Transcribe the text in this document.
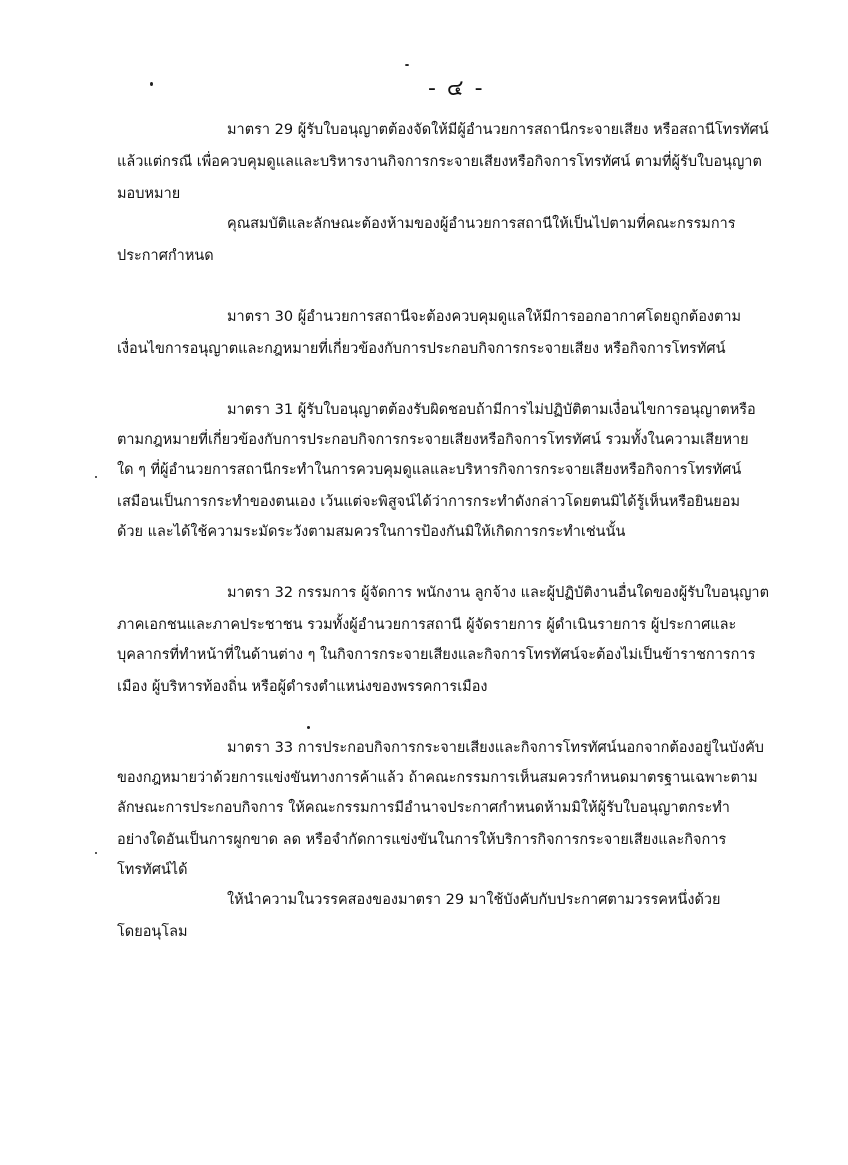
- ๔ -
มาตรา 29 ผู้รับใบอนุญาตต้องจัดให้มีผู้อำนวยการสถานีกระจายเสียง หรือสถานีโทรทัศน์
แล้วแต่กรณี เพื่อควบคุมดูแลและบริหารงานกิจการกระจายเสียงหรือกิจการโทรทัศน์ ตามที่ผู้รับใบอนุญาต
มอบหมาย
คุณสมบัติและลักษณะต้องห้ามของผู้อำนวยการสถานีให้เป็นไปตามที่คณะกรรมการ
ประกาศกำหนด
มาตรา 30 ผู้อำนวยการสถานีจะต้องควบคุมดูแลให้มีการออกอากาศโดยถูกต้องตาม
เงื่อนไขการอนุญาตและกฎหมายที่เกี่ยวข้องกับการประกอบกิจการกระจายเสียง หรือกิจการโทรทัศน์
มาตรา 31 ผู้รับใบอนุญาตต้องรับผิดชอบถ้ามีการไม่ปฏิบัติตามเงื่อนไขการอนุญาตหรือ
ตามกฎหมายที่เกี่ยวข้องกับการประกอบกิจการกระจายเสียงหรือกิจการโทรทัศน์ รวมทั้งในความเสียหาย
ใด ๆ ที่ผู้อำนวยการสถานีกระทำในการควบคุมดูแลและบริหารกิจการกระจายเสียงหรือกิจการโทรทัศน์
เสมือนเป็นการกระทำของตนเอง เว้นแต่จะพิสูจน์ได้ว่าการกระทำดังกล่าวโดยตนมิได้รู้เห็นหรือยินยอม
ด้วย และได้ใช้ความระมัดระวังตามสมควรในการป้องกันมิให้เกิดการกระทำเช่นนั้น
มาตรา 32 กรรมการ ผู้จัดการ พนักงาน ลูกจ้าง และผู้ปฏิบัติงานอื่นใดของผู้รับใบอนุญาต
ภาคเอกชนและภาคประชาชน รวมทั้งผู้อำนวยการสถานี ผู้จัดรายการ ผู้ดำเนินรายการ ผู้ประกาศและ
บุคลากรที่ทำหน้าที่ในด้านต่าง ๆ ในกิจการกระจายเสียงและกิจการโทรทัศน์จะต้องไม่เป็นข้าราชการการ
เมือง ผู้บริหารท้องถิ่น หรือผู้ดำรงตำแหน่งของพรรคการเมือง
มาตรา 33 การประกอบกิจการกระจายเสียงและกิจการโทรทัศน์นอกจากต้องอยู่ในบังคับ
ของกฎหมายว่าด้วยการแข่งขันทางการค้าแล้ว ถ้าคณะกรรมการเห็นสมควรกำหนดมาตรฐานเฉพาะตาม
ลักษณะการประกอบกิจการ ให้คณะกรรมการมีอำนาจประกาศกำหนดห้ามมิให้ผู้รับใบอนุญาตกระทำ
อย่างใดอันเป็นการผูกขาด ลด หรือจำกัดการแข่งขันในการให้บริการกิจการกระจายเสียงและกิจการ
โทรทัศน์ได้
ให้นำความในวรรคสองของมาตรา 29 มาใช้บังคับกับประกาศตามวรรคหนึ่งด้วย
โดยอนุโลม
